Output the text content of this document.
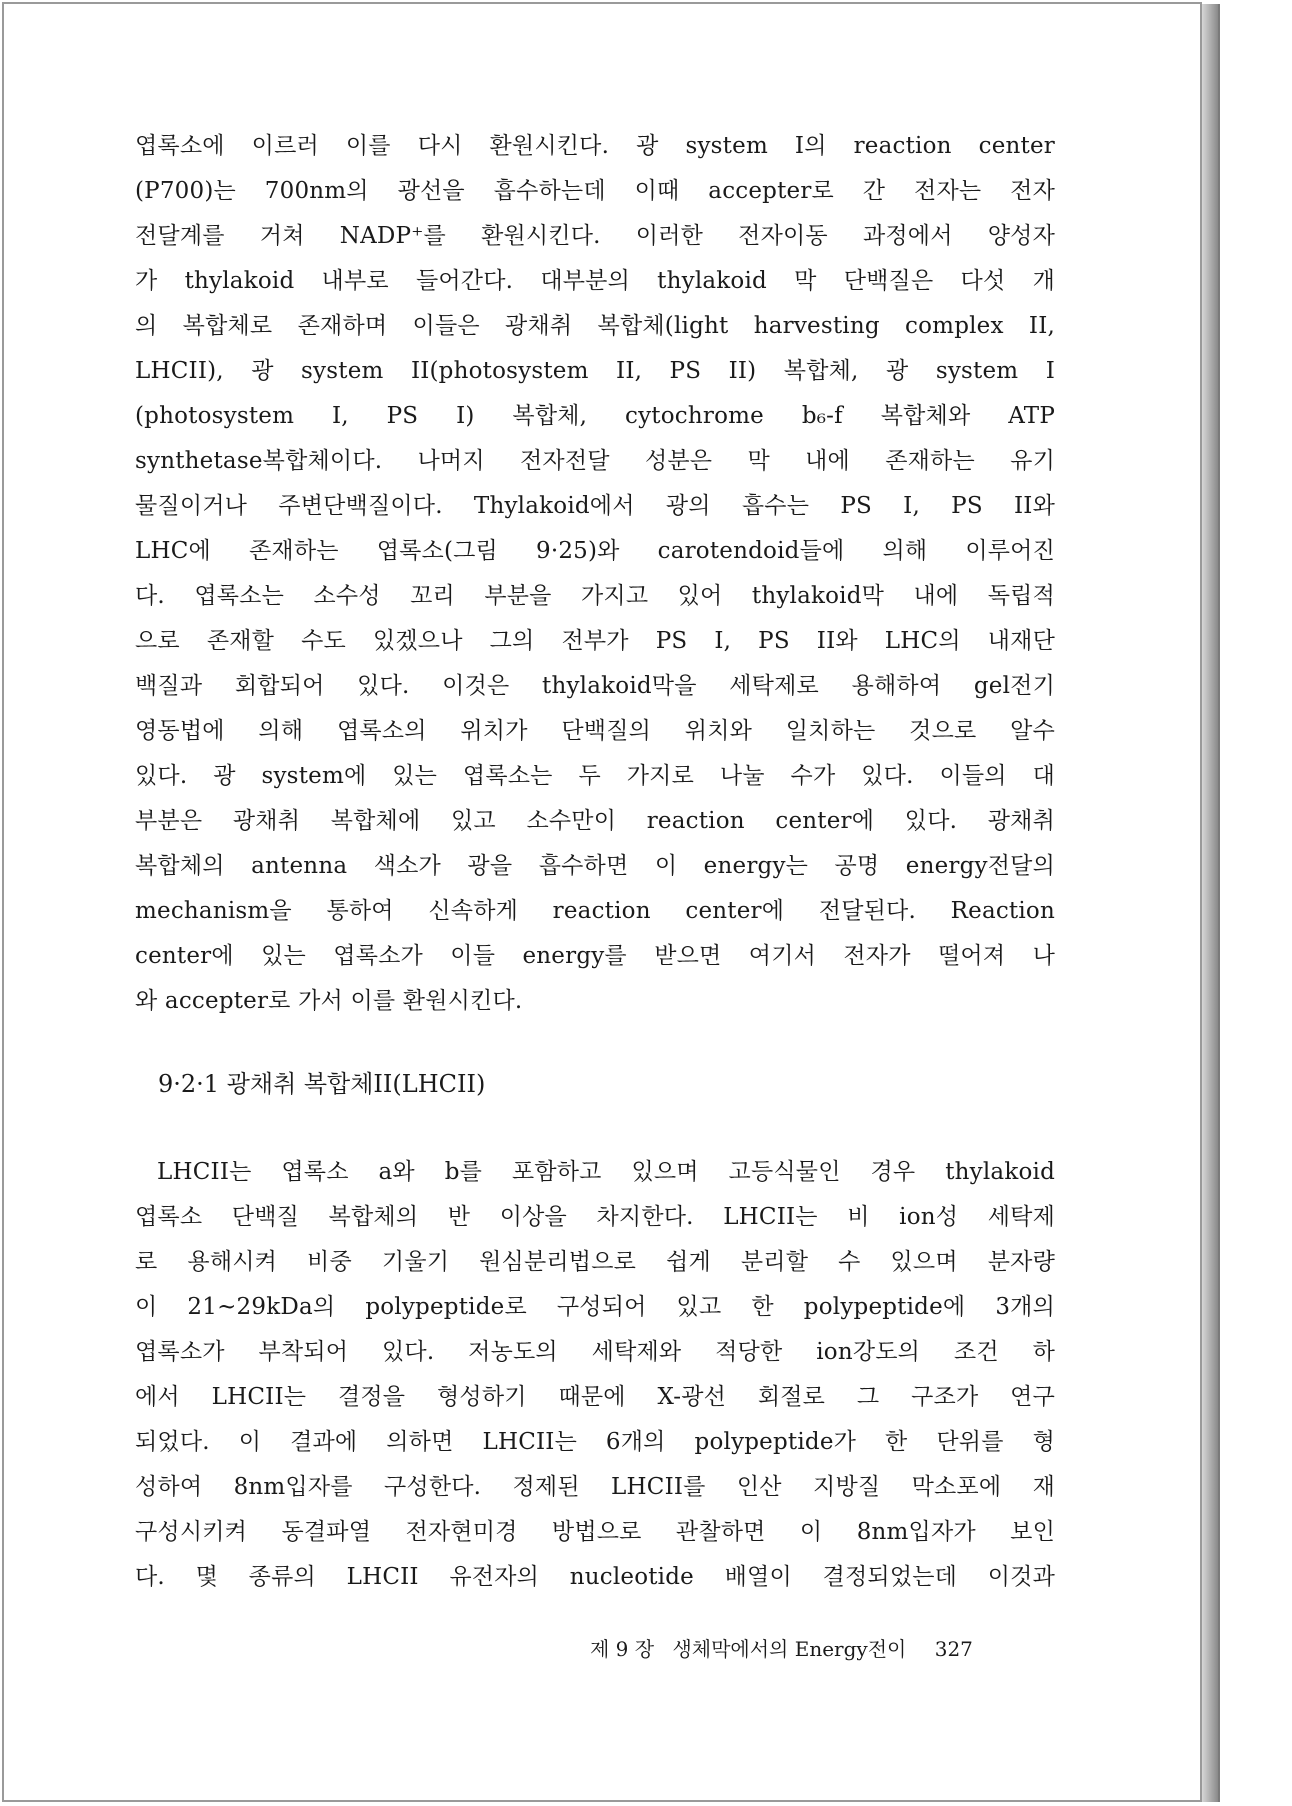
엽록소에 이르러 이를 다시 환원시킨다. 광 system I의 reaction center
(P700)는 700nm의 광선을 흡수하는데 이때 accepter로 간 전자는 전자
전달계를 거쳐 NADP⁺를 환원시킨다. 이러한 전자이동 과정에서 양성자
가 thylakoid 내부로 들어간다. 대부분의 thylakoid 막 단백질은 다섯 개
의 복합체로 존재하며 이들은 광채취 복합체(light harvesting complex II,
LHCII), 광 system II(photosystem II, PS II) 복합체, 광 system I
(photosystem I, PS I) 복합체, cytochrome b₆-f 복합체와 ATP
synthetase복합체이다. 나머지 전자전달 성분은 막 내에 존재하는 유기
물질이거나 주변단백질이다. Thylakoid에서 광의 흡수는 PS I, PS II와
LHC에 존재하는 엽록소(그림 9·25)와 carotendoid들에 의해 이루어진
다. 엽록소는 소수성 꼬리 부분을 가지고 있어 thylakoid막 내에 독립적
으로 존재할 수도 있겠으나 그의 전부가 PS I, PS II와 LHC의 내재단
백질과 회합되어 있다. 이것은 thylakoid막을 세탁제로 용해하여 gel전기
영동법에 의해 엽록소의 위치가 단백질의 위치와 일치하는 것으로 알수
있다. 광 system에 있는 엽록소는 두 가지로 나눌 수가 있다. 이들의 대
부분은 광채취 복합체에 있고 소수만이 reaction center에 있다. 광채취
복합체의 antenna 색소가 광을 흡수하면 이 energy는 공명 energy전달의
mechanism을 통하여 신속하게 reaction center에 전달된다. Reaction
center에 있는 엽록소가 이들 energy를 받으면 여기서 전자가 떨어져 나
와 accepter로 가서 이를 환원시킨다.
9·2·1 광채취 복합체II(LHCII)
LHCII는 엽록소 a와 b를 포함하고 있으며 고등식물인 경우 thylakoid
엽록소 단백질 복합체의 반 이상을 차지한다. LHCII는 비 ion성 세탁제
로 용해시켜 비중 기울기 원심분리법으로 쉽게 분리할 수 있으며 분자량
이 21~29kDa의 polypeptide로 구성되어 있고 한 polypeptide에 3개의
엽록소가 부착되어 있다. 저농도의 세탁제와 적당한 ion강도의 조건 하
에서 LHCII는 결정을 형성하기 때문에 X-광선 회절로 그 구조가 연구
되었다. 이 결과에 의하면 LHCII는 6개의 polypeptide가 한 단위를 형
성하여 8nm입자를 구성한다. 정제된 LHCII를 인산 지방질 막소포에 재
구성시키켜 동결파열 전자현미경 방법으로 관찰하면 이 8nm입자가 보인
다. 몇 종류의 LHCII 유전자의 nucleotide 배열이 결정되었는데 이것과
제 9 장 생체막에서의 Energy전이 327
